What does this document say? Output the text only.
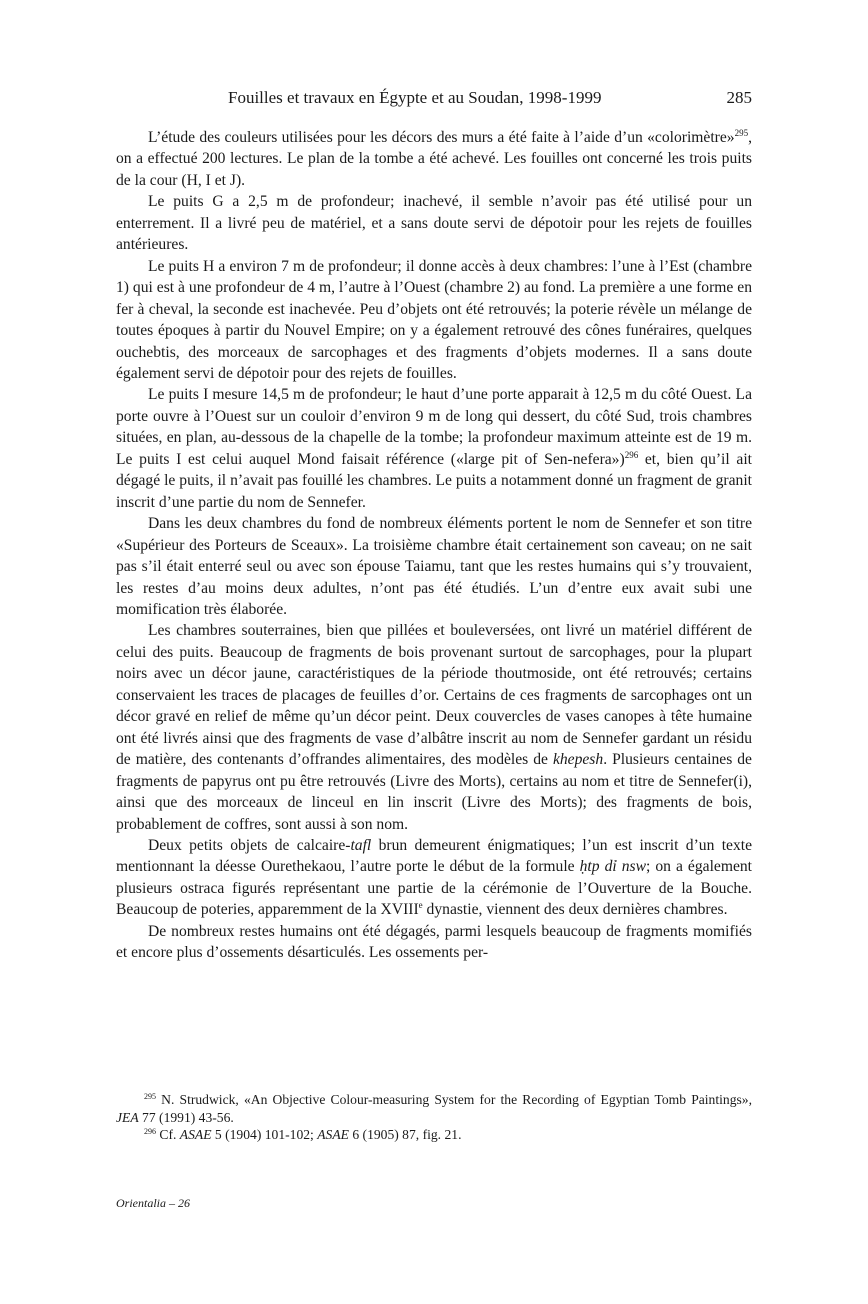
Fouilles et travaux en Égypte et au Soudan, 1998-1999	285

L’étude des couleurs utilisées pour les décors des murs a été faite à l’aide d’un «colorimètre»$^{295}$, on a effectué 200 lectures. Le plan de la tombe a été achevé. Les fouilles ont concerné les trois puits de la cour (H, I et J).

Le puits G a 2,5 m de profondeur; inachevé, il semble n’avoir pas été utilisé pour un enterrement. Il a livré peu de matériel, et a sans doute servi de dépotoir pour les rejets de fouilles antérieures.

Le puits H a environ 7 m de profondeur; il donne accès à deux chambres: l’une à l’Est (chambre 1) qui est à une profondeur de 4 m, l’autre à l’Ouest (chambre 2) au fond. La première a une forme en fer à cheval, la seconde est inachevée. Peu d’objets ont été retrouvés; la poterie révèle un mélange de toutes époques à partir du Nouvel Empire; on y a également retrouvé des cônes funéraires, quelques ouchebtis, des morceaux de sarcophages et des fragments d’objets modernes. Il a sans doute également servi de dépotoir pour des rejets de fouilles.

Le puits I mesure 14,5 m de profondeur; le haut d’une porte apparait à 12,5 m du côté Ouest. La porte ouvre à l’Ouest sur un couloir d’environ 9 m de long qui dessert, du côté Sud, trois chambres situées, en plan, au-dessous de la chapelle de la tombe; la profondeur maximum atteinte est de 19 m. Le puits I est celui auquel Mond faisait référence («large pit of Sen-nefera»)$^{296}$ et, bien qu’il ait dégagé le puits, il n’avait pas fouillé les chambres. Le puits a notamment donné un fragment de granit inscrit d’une partie du nom de Sennefer.

Dans les deux chambres du fond de nombreux éléments portent le nom de Sennefer et son titre «Supérieur des Porteurs de Sceaux». La troisième chambre était certainement son caveau; on ne sait pas s’il était enterré seul ou avec son épouse Taiamu, tant que les restes humains qui s’y trouvaient, les restes d’au moins deux adultes, n’ont pas été étudiés. L’un d’entre eux avait subi une momification très élaborée.

Les chambres souterraines, bien que pillées et bouleversées, ont livré un matériel différent de celui des puits. Beaucoup de fragments de bois provenant surtout de sarcophages, pour la plupart noirs avec un décor jaune, caractéristiques de la période thoutmoside, ont été retrouvés; certains conservaient les traces de placages de feuilles d’or. Certains de ces fragments de sarcophages ont un décor gravé en relief de même qu’un décor peint. Deux couvercles de vases canopes à tête humaine ont été livrés ainsi que des fragments de vase d’albâtre inscrit au nom de Sennefer gardant un résidu de matière, des contenants d’offrandes alimentaires, des modèles de khepesh. Plusieurs centaines de fragments de papyrus ont pu être retrouvés (Livre des Morts), certains au nom et titre de Sennefer(i), ainsi que des morceaux de linceul en lin inscrit (Livre des Morts); des fragments de bois, probablement de coffres, sont aussi à son nom.

Deux petits objets de calcaire-tafl brun demeurent énigmatiques; l’un est inscrit d’un texte mentionnant la déesse Ourethekaou, l’autre porte le début de la formule ḥtp dỉ nsw; on a également plusieurs ostraca figurés représentant une partie de la cérémonie de l’Ouverture de la Bouche. Beaucoup de poteries, apparemment de la XVIIIe dynastie, viennent des deux dernières chambres.

De nombreux restes humains ont été dégagés, parmi lesquels beaucoup de fragments momifiés et encore plus d’ossements désarticulés. Les ossements per-

$^{295}$ N. Strudwick, «An Objective Colour-measuring System for the Recording of Egyptian Tomb Paintings», JEA 77 (1991) 43-56.

$^{296}$ Cf. ASAE 5 (1904) 101-102; ASAE 6 (1905) 87, fig. 21.

Orientalia – 26
